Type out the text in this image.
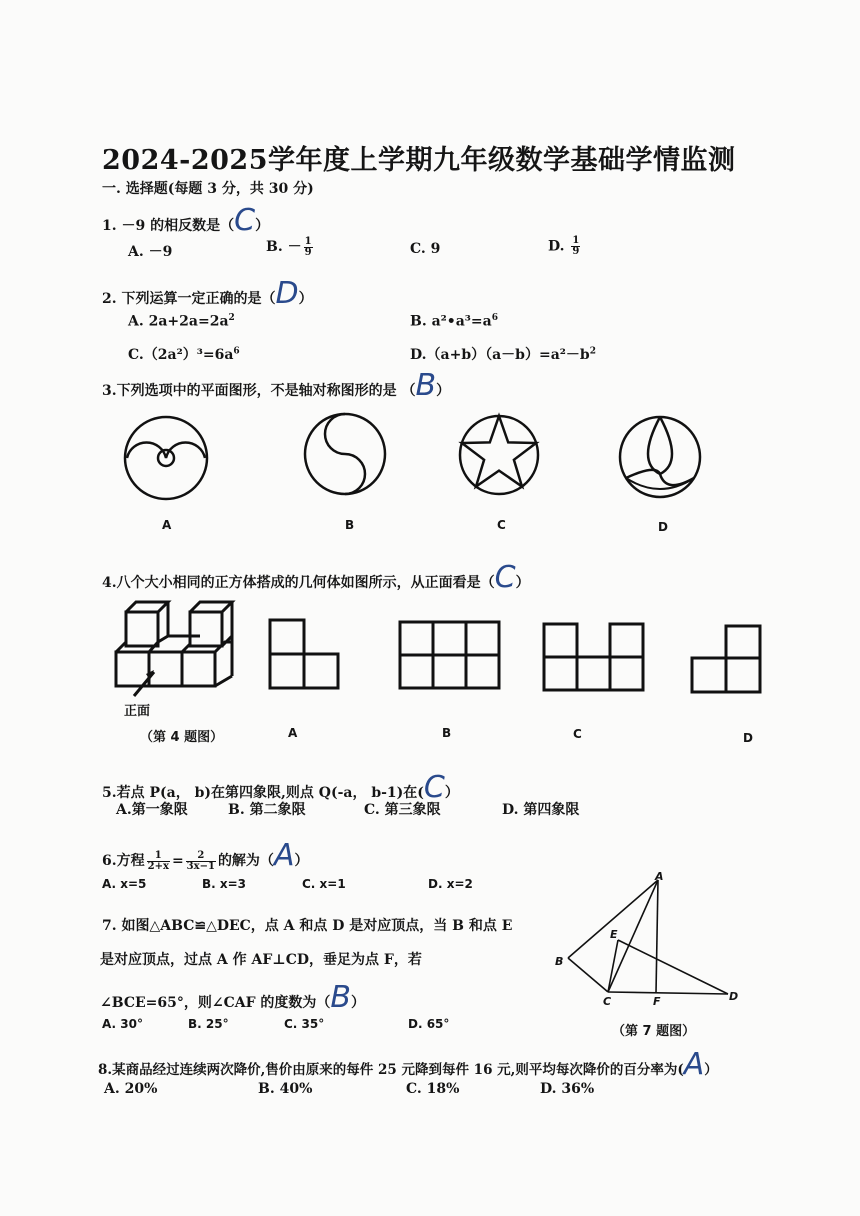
2024-2025学年度上学期九年级数学基础学情监测
一. 选择题(每题 3 分，共 30 分)
1. －9 的相反数是（C）
A. －9	B. － $\frac{1}{9}$	C. 9	D. $\frac{1}{9}$
2. 下列运算一定正确的是（D）
A. $2a+2a=2a^2$	B. $a^2•a^3=a^6$
$C.(2a^2)^3=6a^6$	$D.(a+b)(a-b)=a^2-b^2$
3.下列选项中的平面图形，不是轴对称图形的是 （B）
A	B	C	D
4.八个大小相同的正方体搭成的几何体如图所示，从正面看是（C）
正面
（第 4 题图）	A	B	C	D
5.若点 P(a， b)在第四象限,则点 Q(-a， b-1)在(C）
A.第一象限	B. 第二象限	C. 第三象限	D. 第四象限
6.方程 $\frac{1}{2+x} = \frac{2}{3x-1}$ 的解为（A）
A. x=5	B. x=3	C. x=1	D. x=2
7. 如图△ABC≌△DEC，点 A 和点 D 是对应顶点，当 B 和点 E
是对应顶点，过点 A 作 AF⊥CD，垂足为点 F，若
∠BCE=65°，则∠CAF 的度数为（B）
A. 30°	B. 25°	C. 35°	D. 65°
A
E
B
C	F	D
（第 7 题图）
8.某商品经过连续两次降价,售价由原来的每件 25 元降到每件 16 元,则平均每次降价的百分率为(A）
A. 20%	B. 40%	C. 18%	D. 36%
